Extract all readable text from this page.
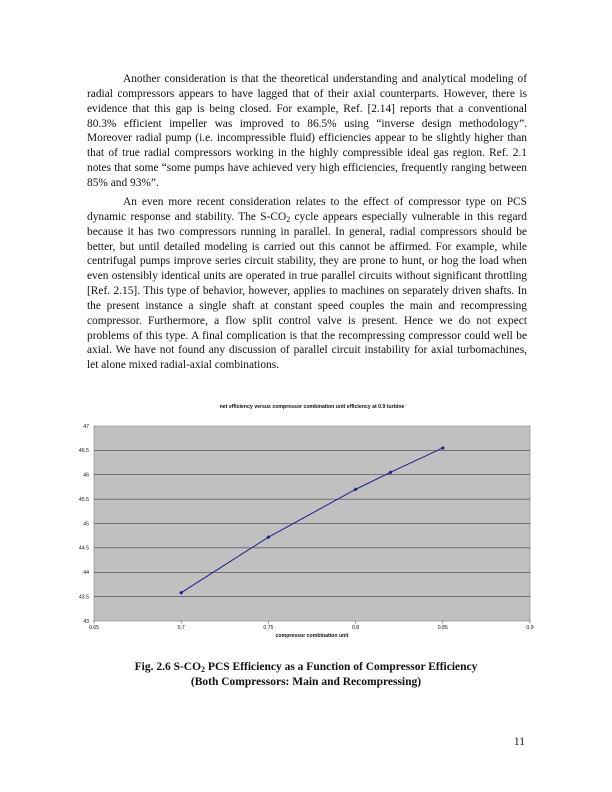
Another consideration is that the theoretical understanding and analytical modeling of radial compressors appears to have lagged that of their axial counterparts. However, there is evidence that this gap is being closed. For example, Ref. [2.14] reports that a conventional 80.3% efficient impeller was improved to 86.5% using “inverse design methodology”. Moreover radial pump (i.e. incompressible fluid) efficiencies appear to be slightly higher than that of true radial compressors working in the highly compressible ideal gas region. Ref. 2.1 notes that some “some pumps have achieved very high efficiencies, frequently ranging between 85% and 93%”.

An even more recent consideration relates to the effect of compressor type on PCS dynamic response and stability. The $S-CO_2$ cycle appears especially vulnerable in this regard because it has two compressors running in parallel. In general, radial compressors should be better, but until detailed modeling is carried out this cannot be affirmed. For example, while centrifugal pumps improve series circuit stability, they are prone to hunt, or hog the load when even ostensibly identical units are operated in true parallel circuits without significant throttling [Ref. 2.15]. This type of behavior, however, applies to machines on separately driven shafts. In the present instance a single shaft at constant speed couples the main and recompressing compressor. Furthermore, a flow split control valve is present. Hence we do not expect problems of this type. A final complication is that the recompressing compressor could well be axial. We have not found any discussion of parallel circuit instability for axial turbomachines, let alone mixed radial-axial combinations.

net efficiency versus compressor combination unit efficiency at 0.9 turbine
43
43.5
44
44.5
45
45.5
46
46.5
47
0.65	0.7	0.75	0.8	0.85	0.9
compressor combination unit
Fig. 2.6 $S-CO_2$ PCS Efficiency as a Function of Compressor Efficiency
(Both Compressors: Main and Recompressing)
11
